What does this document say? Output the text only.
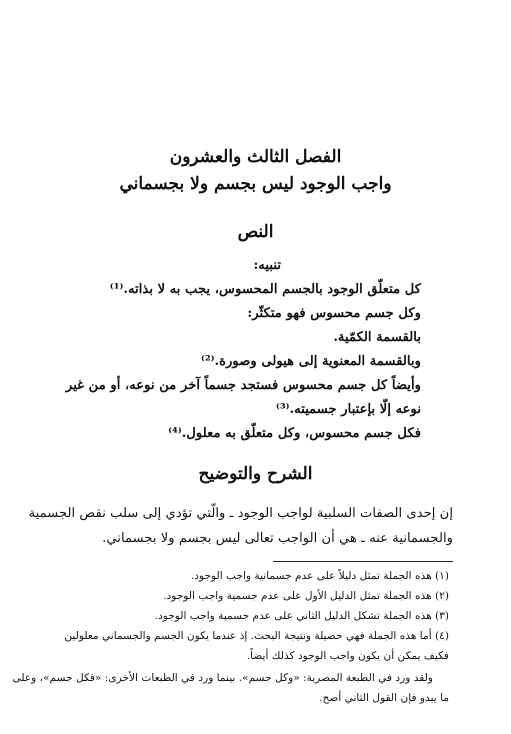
الفصل الثالث والعشرون
واجب الوجود ليس بجسم ولا بجسماني
النص
تنبيه:
كل متعلّق الوجود بالجسم المحسوس، يجب به لا بذاته.⁽¹⁾
وكل جسم محسوس فهو متكثّر:
بالقسمة الكمّية.
وبالقسمة المعنوية إلى هيولى وصورة.⁽²⁾
وأيضاً كل جسم محسوس فستجد جسماً آخر من نوعه، أو من غير
نوعه إلّا بإعتبار جسميته.⁽³⁾
فكل جسم محسوس، وكل متعلّق به معلول.⁽⁴⁾
الشرح والتوضيح
إن إحدى الصفات السلبية لواجب الوجود ـ والّتي تؤدي إلى سلب نقص الجسمية
والجسمانية عنه ـ هي أن الواجب تعالى ليس بجسم ولا بجسماني.
(١) هذه الجملة تمثل دليلاً على عدم جسمانية واجب الوجود.
(٢) هذه الجملة تمثل الدليل الأول على عدم جسمية واجب الوجود.
(٣) هذه الجملة تشكل الدليل الثاني على عدم جسمية واجب الوجود.
(٤) أما هذه الجملة فهي حصيلة ونتيجة البحث. إذ عندما يكون الجسم والجسماني معلولين
فكيف يمكن أن يكون واجب الوجود كذلك أيضاً.
ولقد ورد في الطبعة المصرية: «وكل جسم». بينما ورد في الطبعات الأخرى: «فكل جسم»، وعلى
ما يبدو فإن القول الثاني أصح.
